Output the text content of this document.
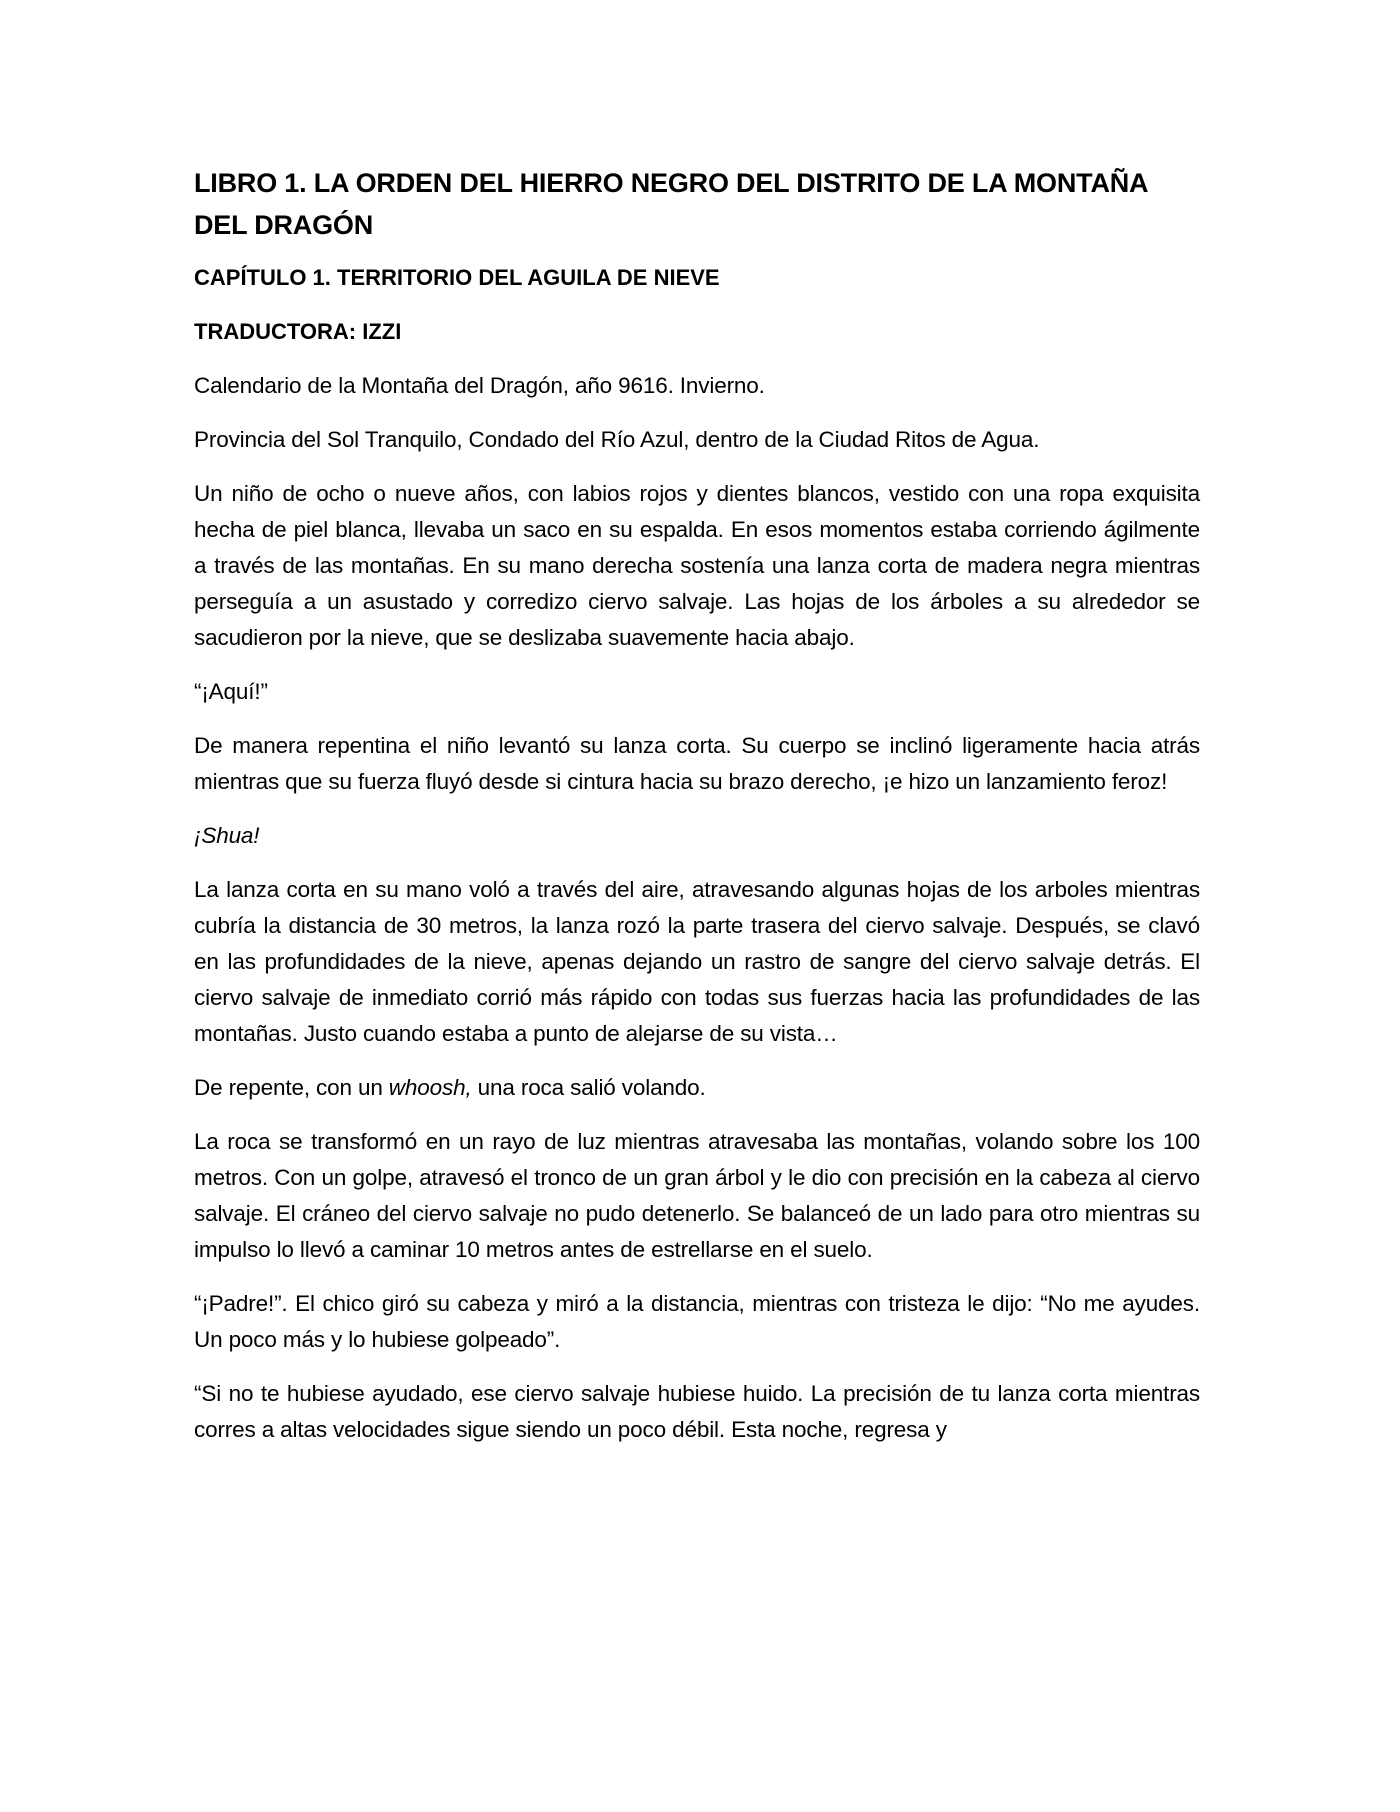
LIBRO 1. LA ORDEN DEL HIERRO NEGRO DEL DISTRITO DE LA MONTAÑA DEL DRAGÓN
CAPÍTULO 1. TERRITORIO DEL AGUILA DE NIEVE
TRADUCTORA: IZZI
Calendario de la Montaña del Dragón, año 9616. Invierno.
Provincia del Sol Tranquilo, Condado del Río Azul, dentro de la Ciudad Ritos de Agua.
Un niño de ocho o nueve años, con labios rojos y dientes blancos, vestido con una ropa exquisita hecha de piel blanca, llevaba un saco en su espalda. En esos momentos estaba corriendo ágilmente a través de las montañas. En su mano derecha sostenía una lanza corta de madera negra mientras perseguía a un asustado y corredizo ciervo salvaje. Las hojas de los árboles a su alrededor se sacudieron por la nieve, que se deslizaba suavemente hacia abajo.
“¡Aquí!”
De manera repentina el niño levantó su lanza corta. Su cuerpo se inclinó ligeramente hacia atrás mientras que su fuerza fluyó desde si cintura hacia su brazo derecho, ¡e hizo un lanzamiento feroz!
¡Shua!
La lanza corta en su mano voló a través del aire, atravesando algunas hojas de los arboles mientras cubría la distancia de 30 metros, la lanza rozó la parte trasera del ciervo salvaje. Después, se clavó en las profundidades de la nieve, apenas dejando un rastro de sangre del ciervo salvaje detrás. El ciervo salvaje de inmediato corrió más rápido con todas sus fuerzas hacia las profundidades de las montañas. Justo cuando estaba a punto de alejarse de su vista…
De repente, con un whoosh, una roca salió volando.
La roca se transformó en un rayo de luz mientras atravesaba las montañas, volando sobre los 100 metros. Con un golpe, atravesó el tronco de un gran árbol y le dio con precisión en la cabeza al ciervo salvaje. El cráneo del ciervo salvaje no pudo detenerlo. Se balanceó de un lado para otro mientras su impulso lo llevó a caminar 10 metros antes de estrellarse en el suelo.
“¡Padre!”. El chico giró su cabeza y miró a la distancia, mientras con tristeza le dijo: “No me ayudes. Un poco más y lo hubiese golpeado”.
“Si no te hubiese ayudado, ese ciervo salvaje hubiese huido. La precisión de tu lanza corta mientras corres a altas velocidades sigue siendo un poco débil. Esta noche, regresa y
